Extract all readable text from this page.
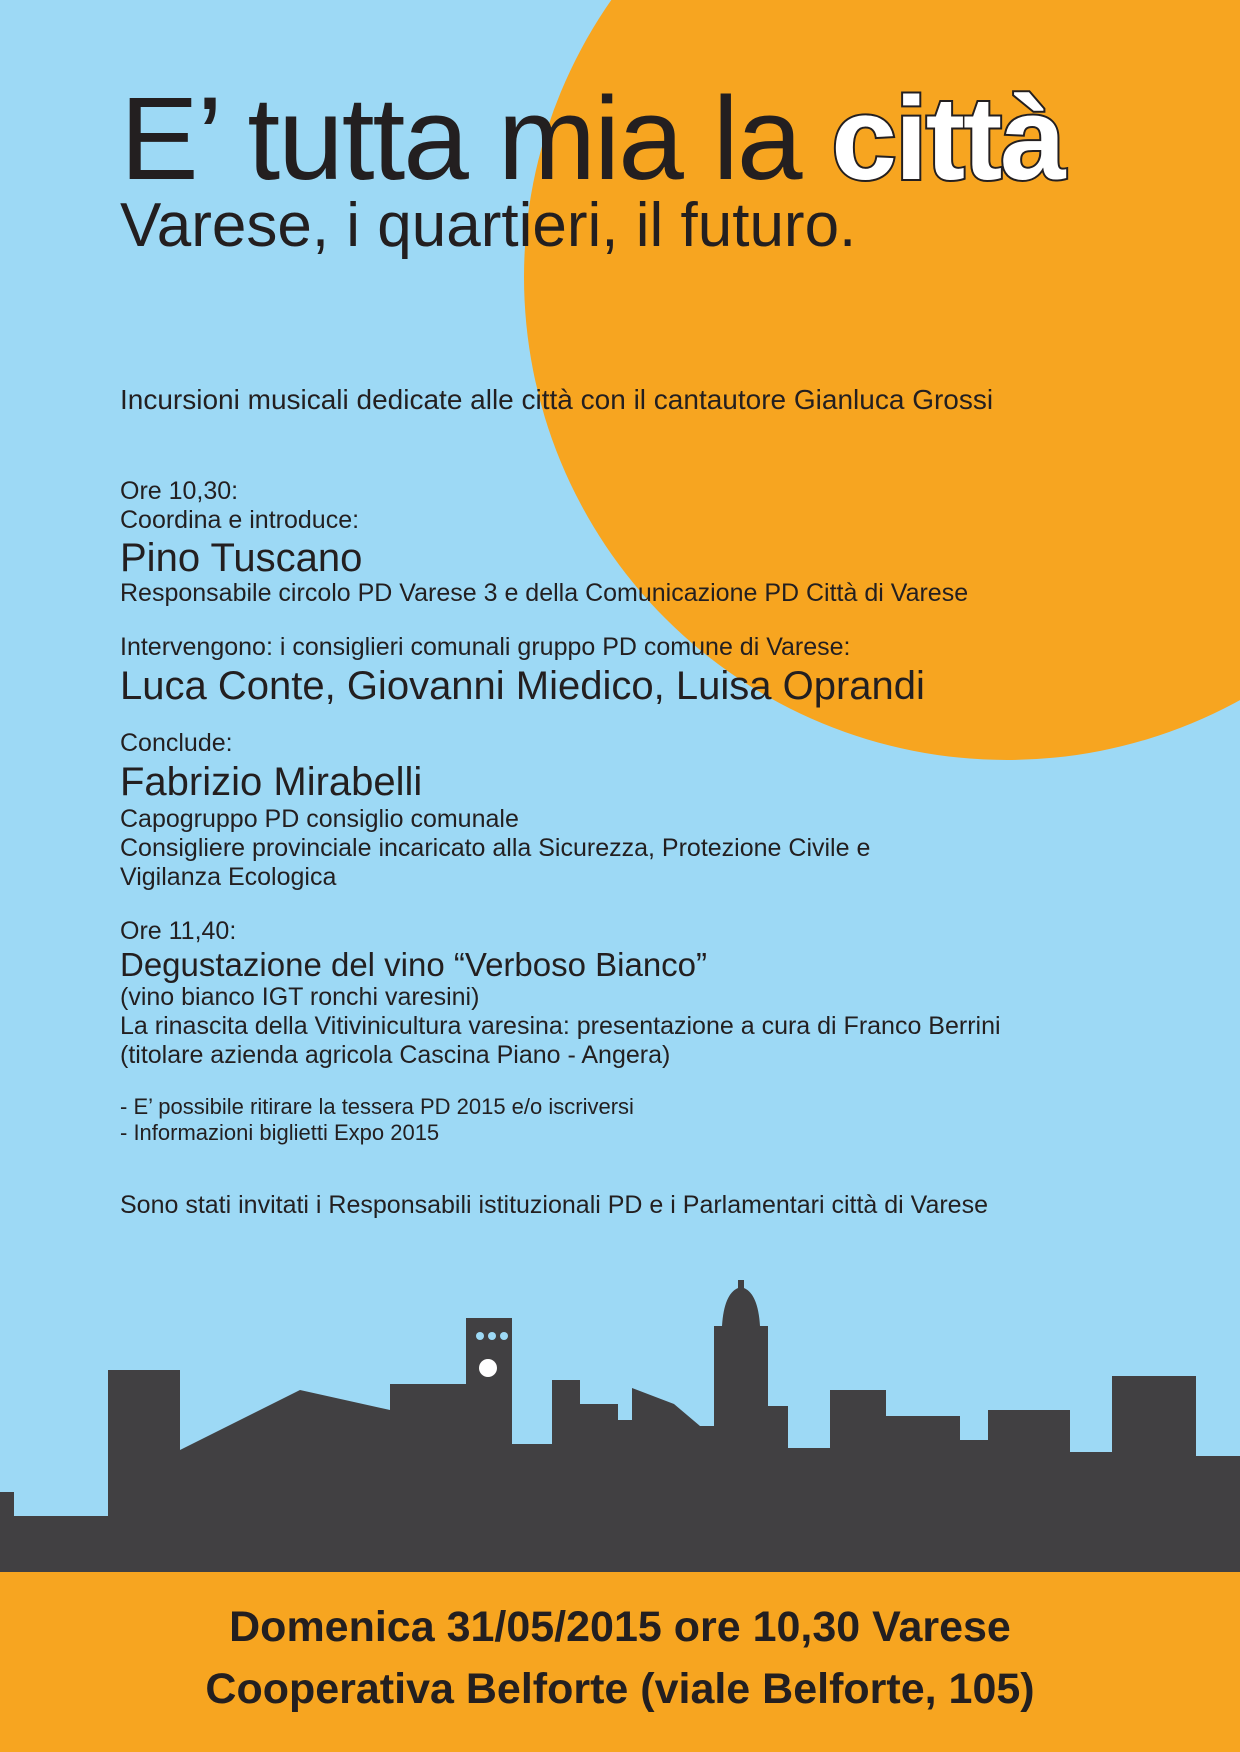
E’ tutta mia la città
Varese, i quartieri, il futuro.
Incursioni musicali dedicate alle città con il cantautore Gianluca Grossi
Ore 10,30:
Coordina e introduce:
Pino Tuscano
Responsabile circolo PD Varese 3 e della Comunicazione PD Città di Varese
Intervengono: i consiglieri comunali gruppo PD comune di Varese:
Luca Conte, Giovanni Miedico, Luisa Oprandi
Conclude:
Fabrizio Mirabelli
Capogruppo PD consiglio comunale
Consigliere provinciale incaricato alla Sicurezza, Protezione Civile e
Vigilanza Ecologica
Ore 11,40:
Degustazione del vino “Verboso Bianco”
(vino bianco IGT ronchi varesini)
La rinascita della Vitivinicultura varesina: presentazione a cura di Franco Berrini
(titolare azienda agricola Cascina Piano - Angera)
- E’ possibile ritirare la tessera PD 2015 e/o iscriversi
- Informazioni biglietti Expo 2015
Sono stati invitati i Responsabili istituzionali PD e i Parlamentari città di Varese
Domenica 31/05/2015 ore 10,30 Varese
Cooperativa Belforte (viale Belforte, 105)
